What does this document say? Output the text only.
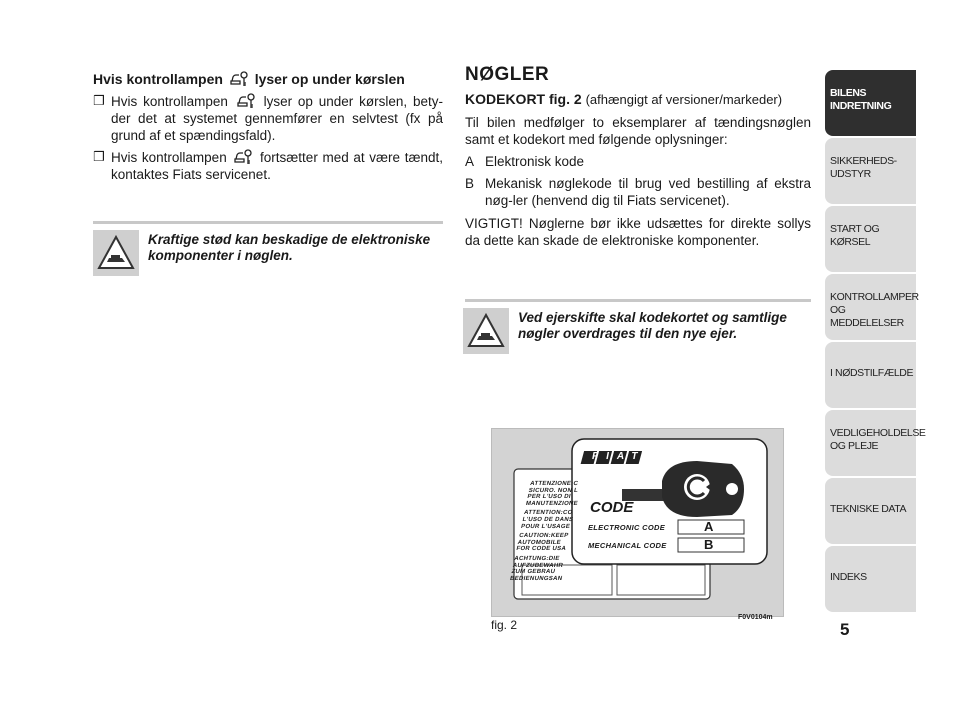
Hvis kontrollampen lyser op under kørslen
❒ Hvis kontrollampen	lyser op under kørslen, bety-der det at systemet gennemfører en selvtest (fx på grund af et spændingsfald).
❒ Hvis kontrollampen fortsætter med at være tændt, kontaktes Fiats servicenet.
Kraftige stød kan beskadige de elektroniske komponenter i nøglen.
NØGLER
KODEKORT fig. 2 (afhængigt af versioner/markeder)
Til bilen medfølger to eksemplarer af tændingsnøglen samt et kodekort med følgende oplysninger:
A Elektronisk kode
B Mekanisk nøglekode til brug ved bestilling af ekstra nøg-ler (henvend dig til Fiats servicenet).
VIGTIGT! Nøglerne bør ikke udsættes for direkte sollys da dette kan skade de elektroniske komponenter.
Ved ejerskifte skal kodekortet og samtlige nøgler overdrages til den nye ejer.
ATTENZIONE:C
SICURO. NON L
PER L'USO DI
MANUTENZIONE
ATTENTION:CO
L'USO DE DANS
POUR L'USAGE
CAUTION:KEEP
AUTOMOBILE
FOR CODE USA
ACHTUNG:DIE
AUFZUBEWAHR
ZUM GEBRAU
BEDIENUNGSAN
FIAT
CODE
ELECTRONIC CODE	A
MECHANICAL CODE	B
fig. 2
F0V0104m
BILENS INDRETNING
SIKKERHEDS- UDSTYR
START OG KØRSEL
KONTROLLAMPER OG MEDDELELSER
I NØDSTILFÆLDE
VEDLIGEHOLDELSE OG PLEJE
TEKNISKE DATA
INDEKS
5
